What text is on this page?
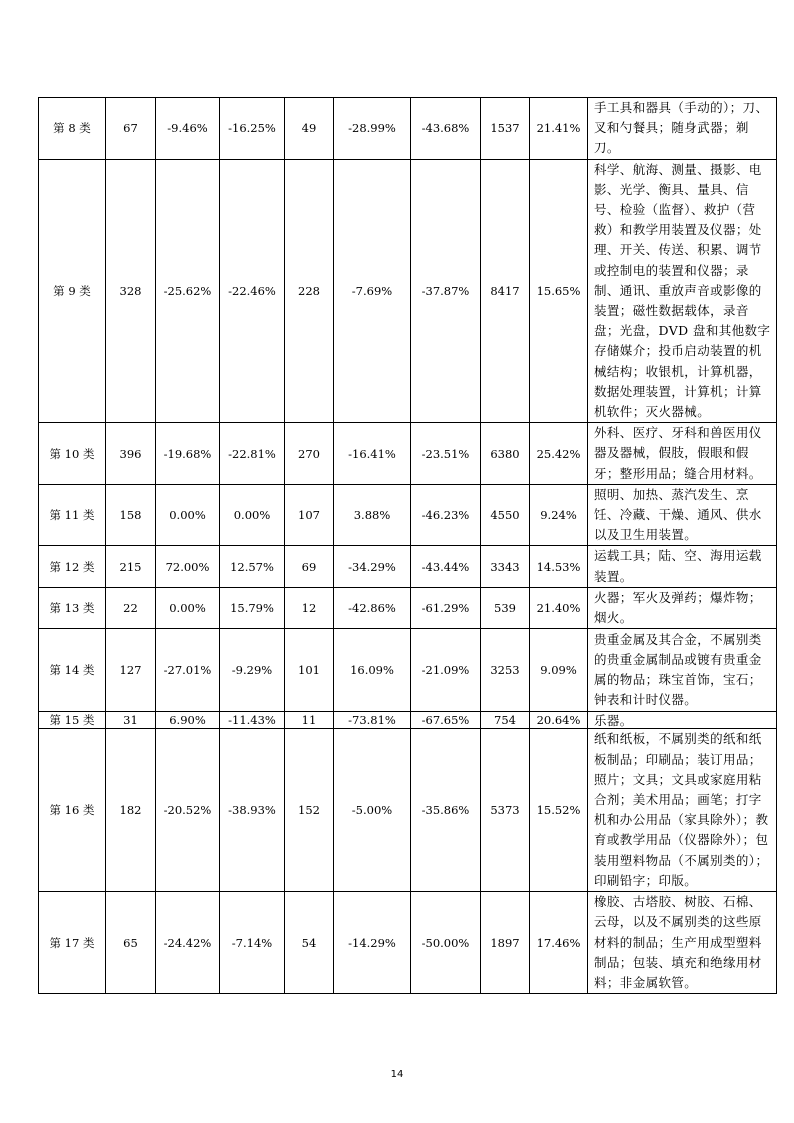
第 8 类	67	-9.46%	-16.25%	49	-28.99%	-43.68%	1537	21.41%	手工具和器具（手动的）；刀、叉和勺餐具；随身武器；剃刀。
第 9 类	328	-25.62%	-22.46%	228	-7.69%	-37.87%	8417	15.65%	科学、航海、测量、摄影、电影、光学、衡具、量具、信号、检验（监督）、救护（营救）和教学用装置及仪器；处理、开关、传送、积累、调节或控制电的装置和仪器；录制、通讯、重放声音或影像的装置；磁性数据载体，录音盘；光盘，DVD 盘和其他数字存储媒介；投币启动装置的机械结构；收银机，计算机器，数据处理装置，计算机；计算机软件；灭火器械。
第 10 类	396	-19.68%	-22.81%	270	-16.41%	-23.51%	6380	25.42%	外科、医疗、牙科和兽医用仪器及器械，假肢，假眼和假牙；整形用品；缝合用材料。
第 11 类	158	0.00%	0.00%	107	3.88%	-46.23%	4550	9.24%	照明、加热、蒸汽发生、烹饪、冷藏、干燥、通风、供水以及卫生用装置。
第 12 类	215	72.00%	12.57%	69	-34.29%	-43.44%	3343	14.53%	运载工具；陆、空、海用运载装置。
第 13 类	22	0.00%	15.79%	12	-42.86%	-61.29%	539	21.40%	火器；军火及弹药；爆炸物；烟火。
第 14 类	127	-27.01%	-9.29%	101	16.09%	-21.09%	3253	9.09%	贵重金属及其合金，不属别类的贵重金属制品或镀有贵重金属的物品；珠宝首饰，宝石；钟表和计时仪器。
第 15 类	31	6.90%	-11.43%	11	-73.81%	-67.65%	754	20.64%	乐器。
第 16 类	182	-20.52%	-38.93%	152	-5.00%	-35.86%	5373	15.52%	纸和纸板，不属别类的纸和纸板制品；印刷品；装订用品；照片；文具；文具或家庭用粘合剂；美术用品；画笔；打字机和办公用品（家具除外）；教育或教学用品（仪器除外）；包装用塑料物品（不属别类的）；印刷铅字；印版。
第 17 类	65	-24.42%	-7.14%	54	-14.29%	-50.00%	1897	17.46%	橡胶、古塔胶、树胶、石棉、云母，以及不属别类的这些原材料的制品；生产用成型塑料制品；包装、填充和绝缘用材料；非金属软管。
14
